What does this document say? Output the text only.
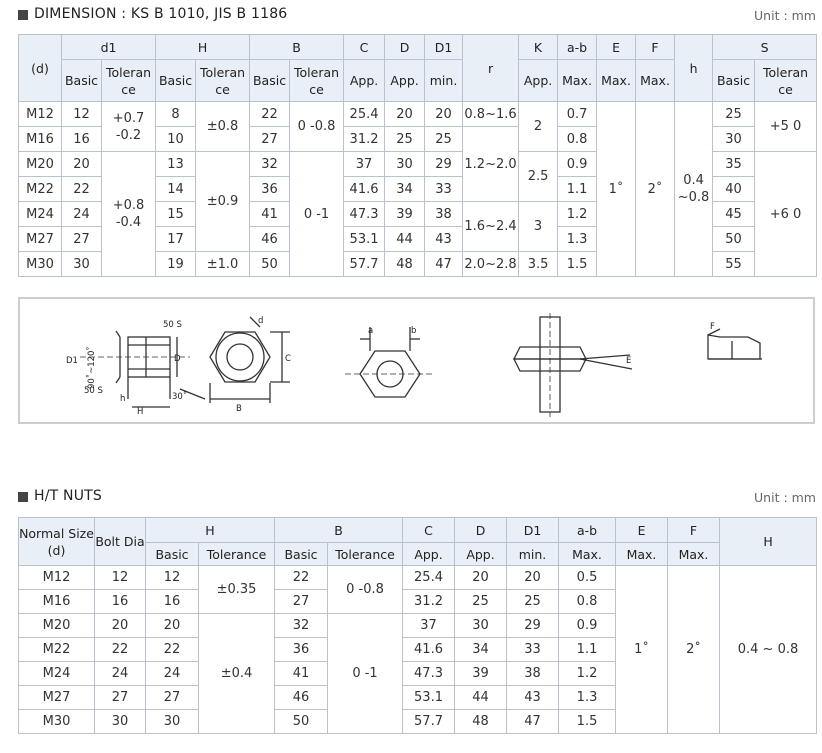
DIMENSION : KS B 1010, JIS B 1186	Unit : mm
(d)	d1		H		B		C	D	D1	r	K	a-b	E	F	h	S	
	Basic	Toleran ce	Basic	Toleran ce	Basic	Toleran ce	App.	App.	min.		App.	Max.	Max.	Max.		Basic	Toleran ce
M12	12	+0.7 -0.2	8	±0.8	22	0 -0.8	25.4	20	20	0.8~1.6	2	0.7	1˚	2˚	0.4 ~0.8	25	+5 0
M16	16		10		27		31.2	25	25	1.2~2.0		0.8				30	
M20	20	+0.8 -0.4	13	±0.9	32	0 -1	37	30	29		2.5	0.9				35	+6 0
M22	22		14		36		41.6	34	33			1.1				40	
M24	24		15		41		47.3	39	38	1.6~2.4	3	1.2				45	
M27	27		17		46		53.1	44	43			1.3				50	
M30	30		19	±1.0	50		57.7	48	47	2.0~2.8	3.5	1.5				55	
50 S	d
D1 90˚~120˚	D	C
50 S
h
H
30˚
B
a	b
E
F
H/T NUTS	Unit : mm
Normal Size (d)	Bolt Dia	H		B		C	D	D1	a-b	E	F	H
		Basic	Tolerance	Basic	Tolerance	App.	App.	min.	Max.	Max.	Max.	
M12	12	12	±0.35	22	0 -0.8	25.4	20	20	0.5	1˚	2˚	0.4 ~ 0.8
M16	16	16		27		31.2	25	25	0.8			
M20	20	20	±0.4	32	0 -1	37	30	29	0.9			
M22	22	22		36		41.6	34	33	1.1			
M24	24	24		41		47.3	39	38	1.2			
M27	27	27		46		53.1	44	43	1.3			
M30	30	30		50		57.7	48	47	1.5			
